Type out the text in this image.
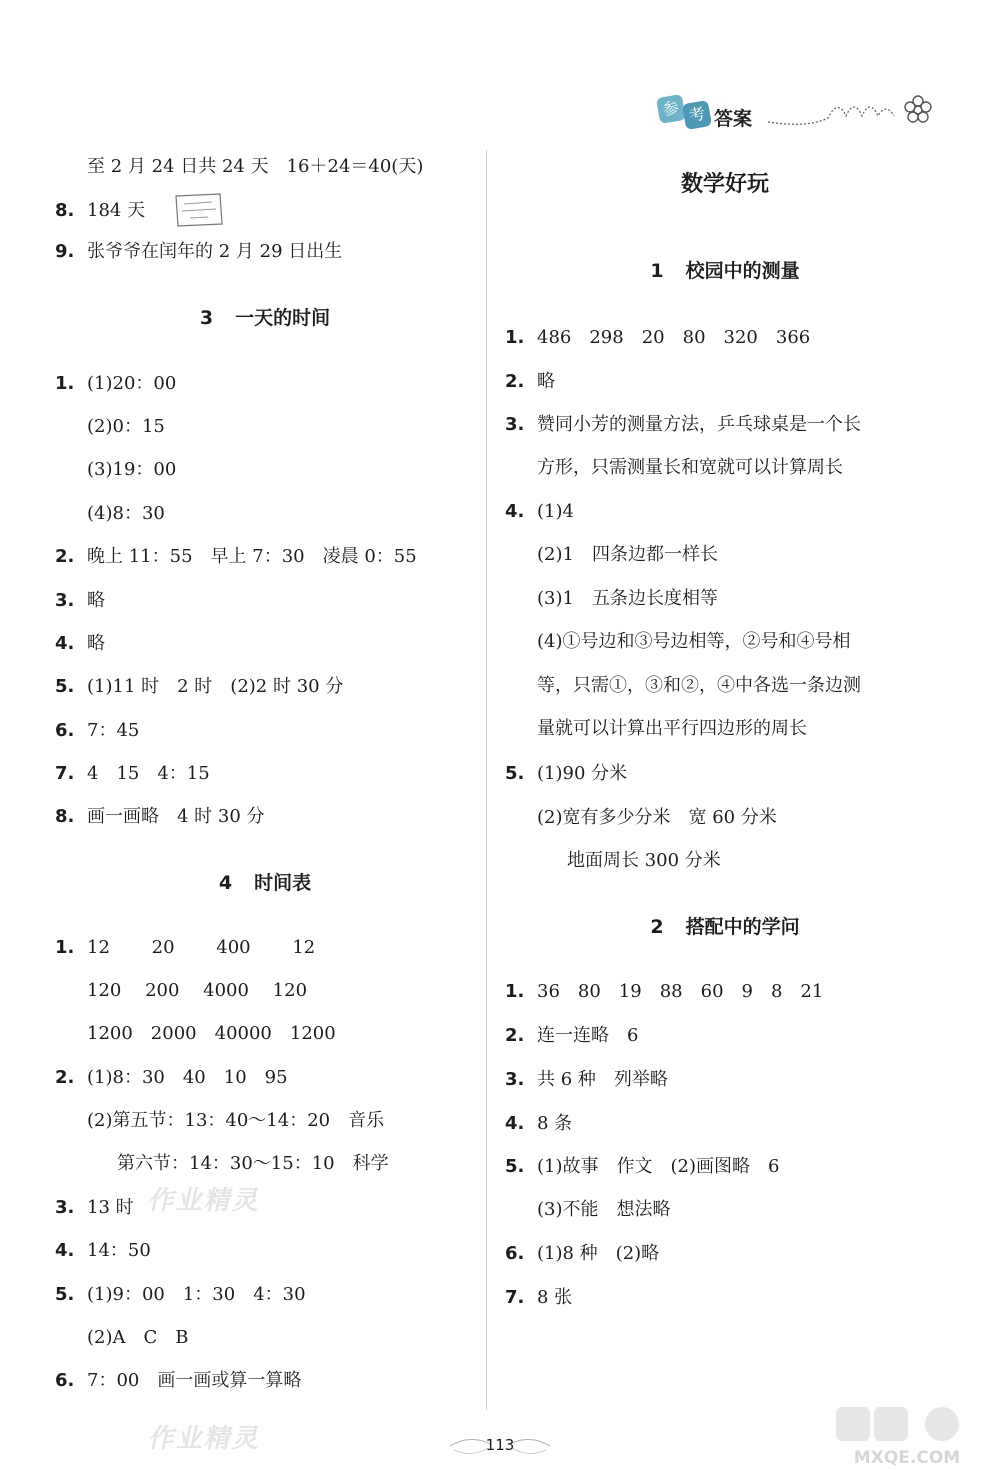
参 考 答案
至 2 月 24 日共 24 天　16＋24＝40(天)
8. 184 天
9. 张爷爷在闰年的 2 月 29 日出生
3 一天的时间
1. (1)20：00
(2)0：15
(3)19：00
(4)8：30
2. 晚上 11：55　早上 7：30　凌晨 0：55
3. 略
4. 略
5. (1)11 时　2 时　(2)2 时 30 分
6. 7：45
7. 4　15　4：15
8. 画一画略　4 时 30 分
4 时间表
1. 12　　 20　　 400　　 12
120　 200　 4000　 120
1200　2000　40000　1200
2. (1)8：30　40　10　95
(2)第五节：13：40～14：20　音乐
第六节：14：30～15：10　科学
3. 13 时
4. 14：50
5. (1)9：00　1：30　4：30
(2)A　C　B
6. 7：00　画一画或算一算略
数学好玩
1 校园中的测量
1. 486　298　20　80　320　366
2. 略
3. 赞同小芳的测量方法，乒乓球桌是一个长
方形，只需测量长和宽就可以计算周长
4. (1)4
(2)1　四条边都一样长
(3)1　五条边长度相等
(4)①号边和③号边相等，②号和④号相
等，只需①，③和②，④中各选一条边测
量就可以计算出平行四边形的周长
5. (1)90 分米
(2)宽有多少分米　宽 60 分米
地面周长 300 分米
2 搭配中的学问
1. 36　80　19　88　60　9　8　21
2. 连一连略　6
3. 共 6 种　列举略
4. 8 条
5. (1)故事　作文　(2)画图略　6
(3)不能　想法略
6. (1)8 种　(2)略
7. 8 张
作业精灵
作业精灵	113
MXQE.COM
